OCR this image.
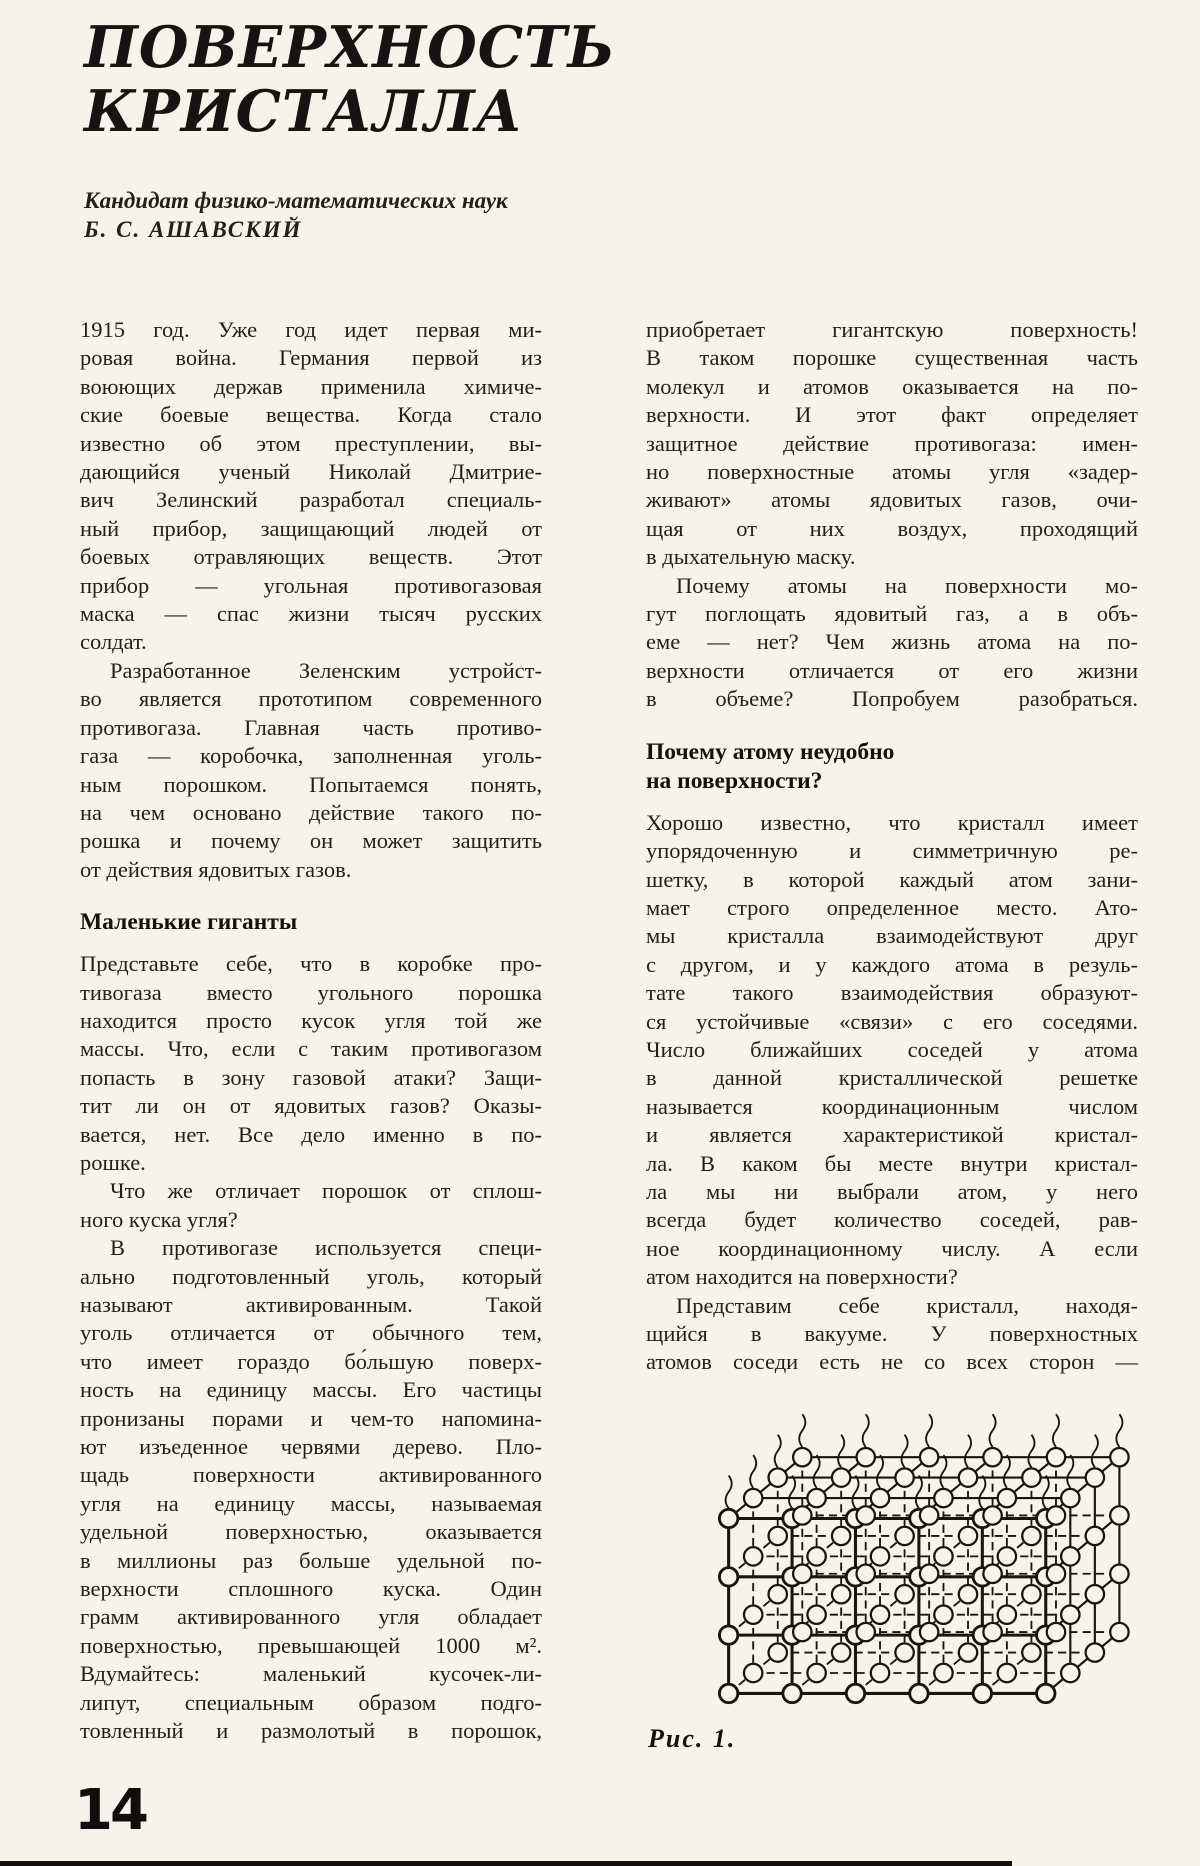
ПОВЕРХНОСТЬ
КРИСТАЛЛА
Кандидат физико-математических наук
Б. С. АШАВСКИЙ
1915 год. Уже год идет первая ми-
ровая война. Германия первой из
воюющих держав применила химиче-
ские боевые вещества. Когда стало
известно об этом преступлении, вы-
дающийся ученый Николай Дмитрие-
вич Зелинский разработал специаль-
ный прибор, защищающий людей от
боевых отравляющих веществ. Этот
прибор — угольная противогазовая
маска — спас жизни тысяч русских
солдат.
Разработанное Зеленским устройст-
во является прототипом современного
противогаза. Главная часть противо-
газа — коробочка, заполненная уголь-
ным порошком. Попытаемся понять,
на чем основано действие такого по-
рошка и почему он может защитить
от действия ядовитых газов.
Маленькие гиганты
Представьте себе, что в коробке про-
тивогаза вместо угольного порошка
находится просто кусок угля той же
массы. Что, если с таким противогазом
попасть в зону газовой атаки? Защи-
тит ли он от ядовитых газов? Оказы-
вается, нет. Все дело именно в по-
рошке.
Что же отличает порошок от сплош-
ного куска угля?
В противогазе используется специ-
ально подготовленный уголь, который
называют активированным. Такой
уголь отличается от обычного тем,
что имеет гораздо бо́льшую поверх-
ность на единицу массы. Его частицы
пронизаны порами и чем-то напомина-
ют изъеденное червями дерево. Пло-
щадь поверхности активированного
угля на единицу массы, называемая
удельной поверхностью, оказывается
в миллионы раз больше удельной по-
верхности сплошного куска. Один
грамм активированного угля обладает
поверхностью, превышающей 1000 м².
Вдумайтесь: маленький кусочек-ли-
липут, специальным образом подго-
товленный и размолотый в порошок,
приобретает гигантскую поверхность!
В таком порошке существенная часть
молекул и атомов оказывается на по-
верхности. И этот факт определяет
защитное действие противогаза: имен-
но поверхностные атомы угля «задер-
живают» атомы ядовитых газов, очи-
щая от них воздух, проходящий
в дыхательную маску.
Почему атомы на поверхности мо-
гут поглощать ядовитый газ, а в объ-
еме — нет? Чем жизнь атома на по-
верхности отличается от его жизни
в объеме? Попробуем разобраться.
Почему атому неудобно
на поверхности?
Хорошо известно, что кристалл имеет
упорядоченную и симметричную ре-
шетку, в которой каждый атом зани-
мает строго определенное место. Ато-
мы кристалла взаимодействуют друг
с другом, и у каждого атома в резуль-
тате такого взаимодействия образуют-
ся устойчивые «связи» с его соседями.
Число ближайших соседей у атома
в данной кристаллической решетке
называется координационным числом
и является характеристикой кристал-
ла. В каком бы месте внутри кристал-
ла мы ни выбрали атом, у него
всегда будет количество соседей, рав-
ное координационному числу. А если
атом находится на поверхности?
Представим себе кристалл, находя-
щийся в вакууме. У поверхностных
атомов соседи есть не со всех сторон —
Рис. 1.
14
